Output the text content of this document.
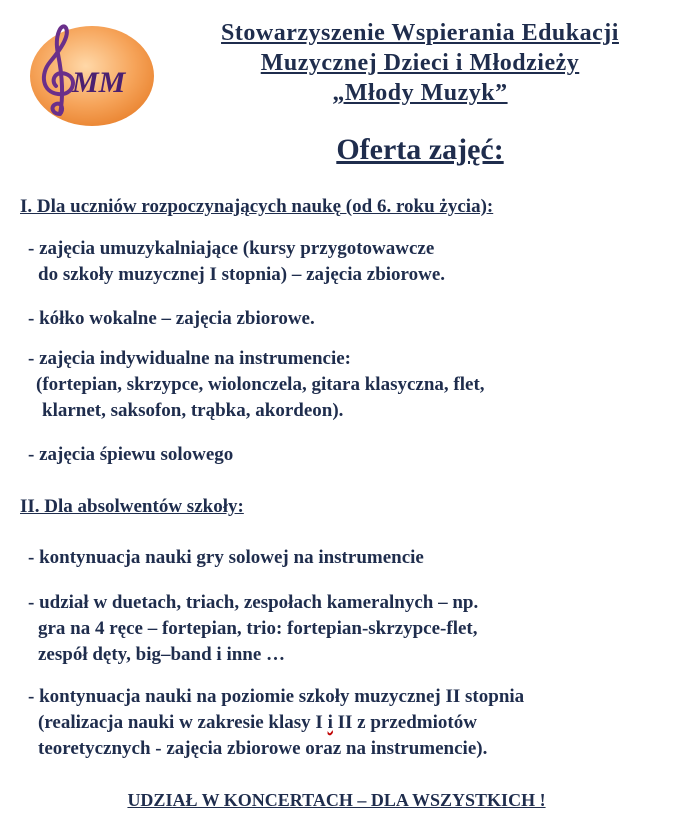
MM
Stowarzyszenie Wspierania Edukacji
Muzycznej Dzieci i Młodzieży
„Młody Muzyk”
Oferta zajęć:
I. Dla uczniów rozpoczynających naukę (od 6. roku życia):
- zajęcia umuzykalniające (kursy przygotowawcze
do szkoły muzycznej I stopnia) – zajęcia zbiorowe.
- kółko wokalne – zajęcia zbiorowe.
- zajęcia indywidualne na instrumencie:
(fortepian, skrzypce, wiolonczela, gitara klasyczna, flet,
klarnet, saksofon, trąbka, akordeon).
- zajęcia śpiewu solowego
II. Dla absolwentów szkoły:
- kontynuacja nauki gry solowej na instrumencie
- udział w duetach, triach, zespołach kameralnych – np.
gra na 4 ręce – fortepian, trio: fortepian-skrzypce-flet,
zespół dęty, big–band i inne …
- kontynuacja nauki na poziomie szkoły muzycznej II stopnia
(realizacja nauki w zakresie klasy I i II z przedmiotów
teoretycznych - zajęcia zbiorowe oraz na instrumencie).
UDZIAŁ W KONCERTACH – DLA WSZYSTKICH !
